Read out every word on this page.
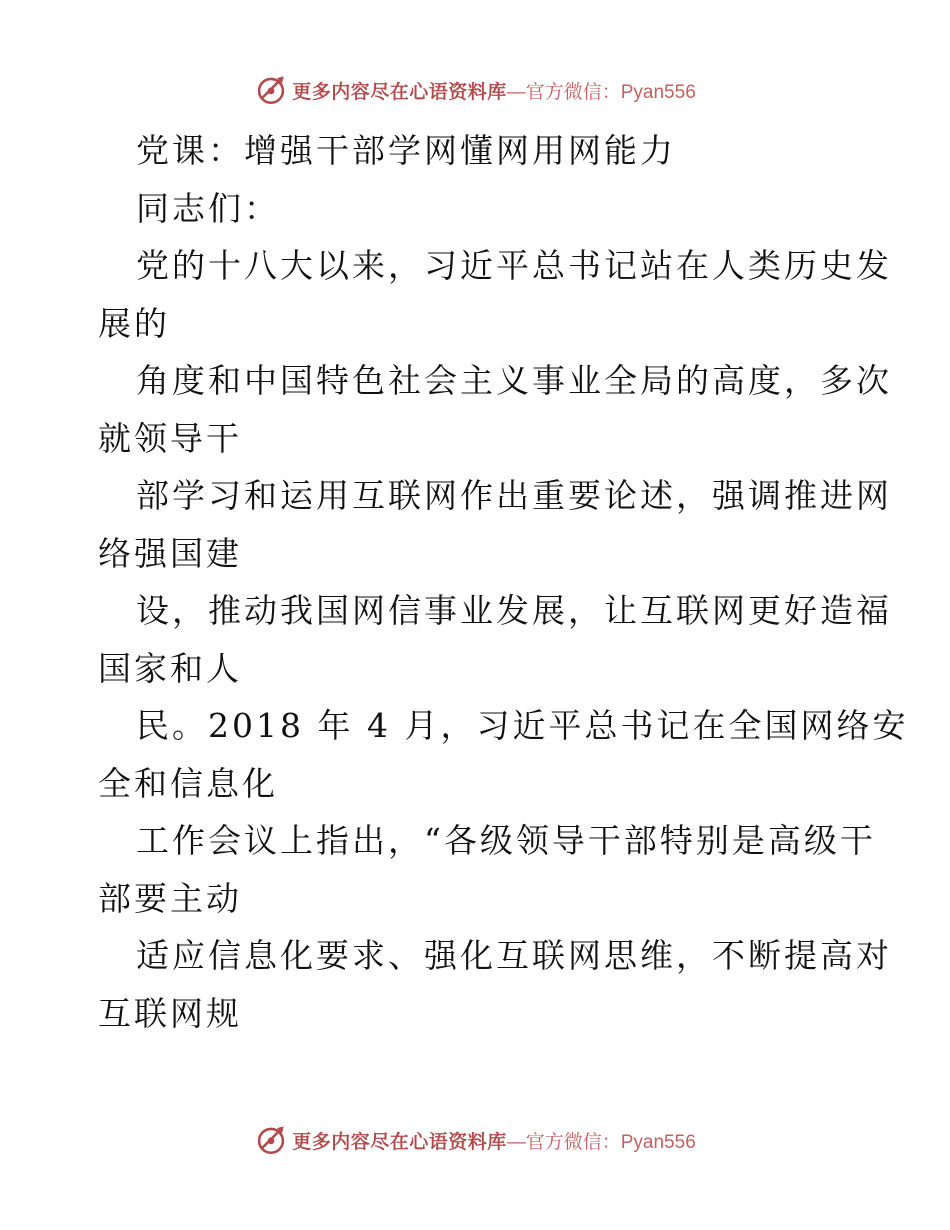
更多内容尽在心语资料库 —官方微信：Pyan556
党课：增强干部学网懂网用网能力
同志们：
党的十八大以来，习近平总书记站在人类历史发
展的
角度和中国特色社会主义事业全局的高度，多次
就领导干
部学习和运用互联网作出重要论述，强调推进网
络强国建
设，推动我国网信事业发展，让互联网更好造福
国家和人
民。2018 年 4 月，习近平总书记在全国网络安
全和信息化
工作会议上指出，“各级领导干部特别是高级干
部要主动
适应信息化要求、强化互联网思维，不断提高对
互联网规
更多内容尽在心语资料库 —官方微信：Pyan556
